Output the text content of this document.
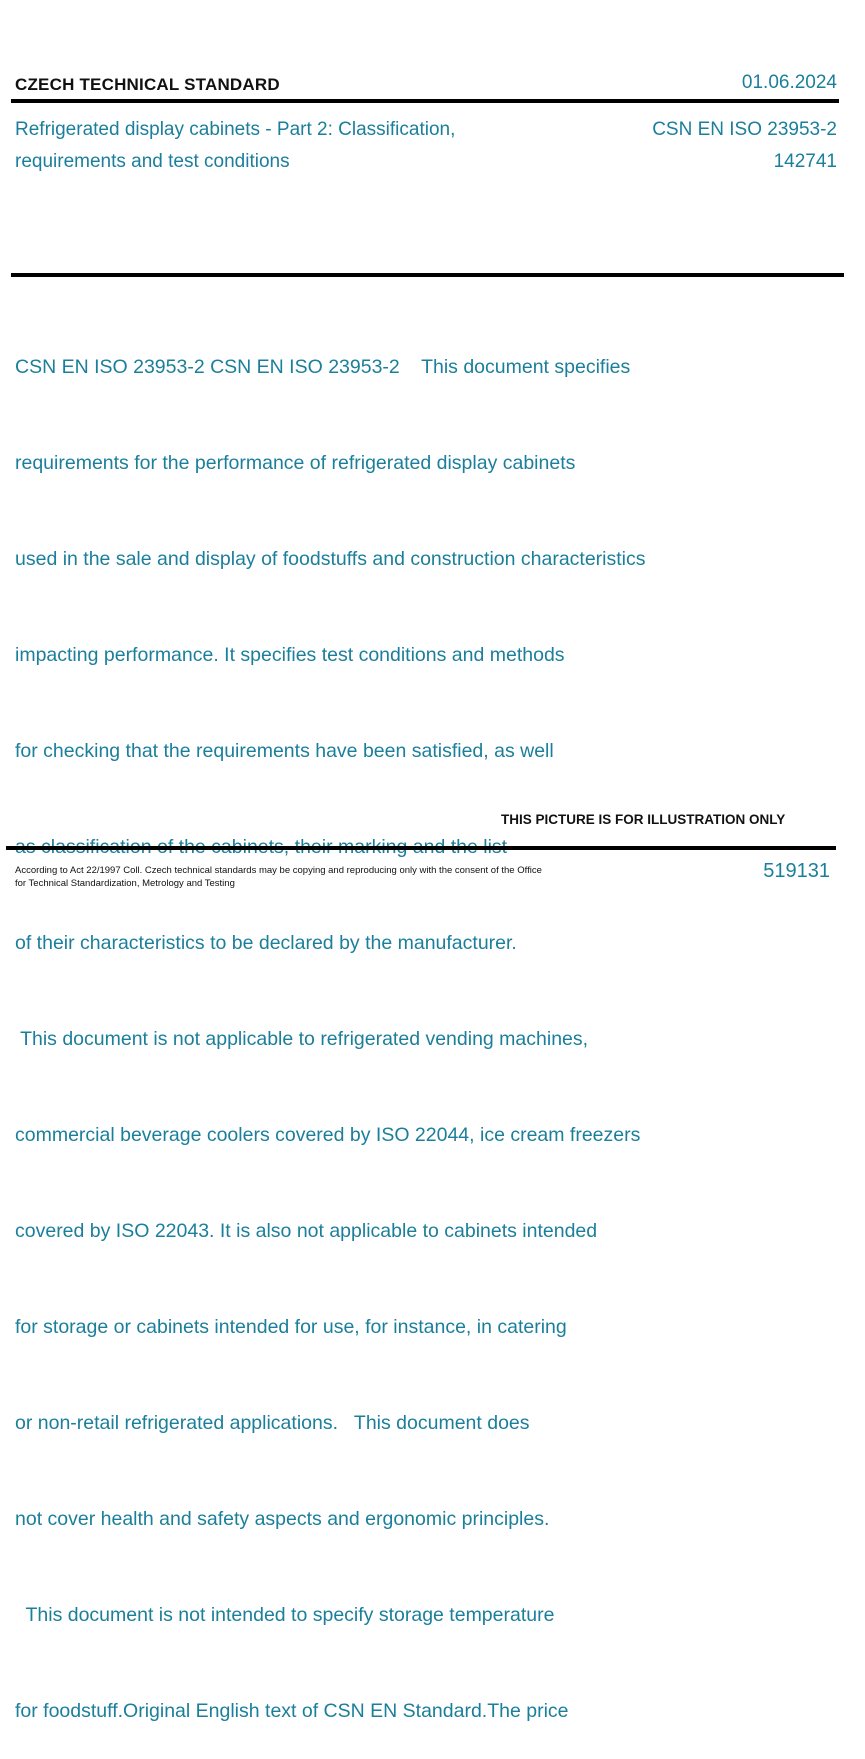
CZECH TECHNICAL STANDARD	01.06.2024
Refrigerated display cabinets - Part 2: Classification,
requirements and test conditions
CSN EN ISO 23953-2
142741

CSN EN ISO 23953-2 CSN EN ISO 23953-2    This document specifies

requirements for the performance of refrigerated display cabinets

used in the sale and display of foodstuffs and construction characteristics

impacting performance. It specifies test conditions and methods

for checking that the requirements have been satisfied, as well

of their characteristics to be declared by the manufacturer.

This document is not applicable to refrigerated vending machines,

commercial beverage coolers covered by ISO 22044, ice cream freezers

covered by ISO 22043. It is also not applicable to cabinets intended

for storage or cabinets intended for use, for instance, in catering

or non-retail refrigerated applications.   This document does

not cover health and safety aspects and ergonomic principles.

This document is not intended to specify storage temperature

for foodstuff.Original English text of CSN EN Standard.The price

THIS PICTURE IS FOR ILLUSTRATION ONLY
According to Act 22/1997 Coll. Czech technical standards may be copying and reproducing only with the consent of the Office
for Technical Standardization, Metrology and Testing
519131
